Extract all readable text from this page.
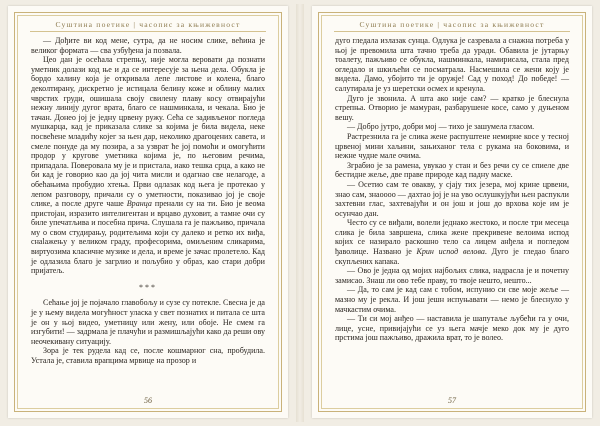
Суштина поетике | часопис за књижевност

— Дођите ви код мене, сутра, да не носим слике, већина је великог формата — сва узбуђена ја позвала.

Цео дан је осећала стрепњу, није могла веровати да познати уметник долази код ње и да се интересује за њена дела. Обукла је бордо халину која је откривала лепе листове и колена, благо деколтирану, дискретно је истицала белину коже и облину малих чврстих груди, ошишала своју свилену плаву косу отвирајући нежну линију дугог врата, благо се нашминкала, и чекала. Био је тачан. Донео јој је једну црвену ружу. Сећа се задивљеног погледа мушкарца, кад је приказала слике за којима је била видела, неке посвећене младићу којег за њен дар, неколико драгоцених савета, и смеле понуде да му позира, а за узврат ће јој помоћи и омогућити продор у кругове уметника којима је, по његовим речима, припадала. Поверовала му је и пристала, иако тешка срца, а како не би кад је говорио као да јој чита мисли и одагнао све нелагоде, а обећањима пробудио хтења. Први одлазак код њега је протекао у лепом разговору, причали су о уметности, показивао јој је своје слике, а после друге чаше Вранца пренали су на ти. Био је веома пристојан, изразито интелигентан и врцаво духовит, а тамне очи су биле упечатљива и посебна причa. Слушала га је пажљиво, причала му о свом студирању, родитељима који су далеко и ретко их виђа, снalажењу у великом граду, професорима, омиљеним сликарима, виртуозима класичне музике и дела, и време је зачас пролетело. Кад је одлазила благо је загрлио и пољубио у образ, као стари добри пријатељ.

***

Сећање јој је појачало главобољу и сузе су потекле. Свесна је да је у њему видела могућност уласка у свет познатих и питала се шта је он у њој видео, уметницу или жену, или обоје. Не смем га изгубити! — задрмала је плачући и размишљајући како да реши ову неочекивану ситуацију.

Зора је тек рудела кад се, после кошмарног сна, пробудила. Устала је, ставила врапцима мрвице на прозор и

56
Суштина поетике | часопис за књижевност

дуго гледала излазак сунца. Одлука је сазревала а снажна потреба у њој је превомила шта тачно треба да уради. Обавила је јутарњу тоалету, пажљиво се обукла, нашминкала, намирисала, стала пред огледало и шкиљећи се посматрала. Насмешила се жени коју је видела. Дамо, убојито ти је оружје! Сад у поход! До победе! — салутирала је уз шеретски осмех и кренула.

Дуго је звонила. А шта ако није сам? — кратко је блеснула стрепња. Отворио је мамуран, разбарушене косе, само у дуњеном вешу.

— Добро јутро, добри мој — тихо је зашумела гласом.

Растрезнила га је слика жене распуштене немирне косе у тесној црвеној мини хаљини, зањиханог тела с рукама на боковима, и нежне чудне мале очима.

Зграбио је за рамена, увукао у стан и без речи су се спиеле две бестидне жеље, две праве природе кад падну маске.

— Осетио сам те овакву, у сјају тих језера, мој крине црвени, знао сам, знаоооо — дахтао јој је на уво ослушкујући њен распукли захтевни глас, захтевајући и он још и још до врхова које им је осунчао дан.

Често су се виђали, волели једнако жестоко, и после три месеца слика је била завршена, слика жене прекривене велоима испод којих се назирало раскошно тело са лицем анђела и погледом ђаволице. Названо је Крин испод велова. Дуго је гледао благо скупљених капака.

— Ово је једна од мојих најбољих слика, надрасла је и почетну замисао. Знаш ли ово тебе праву, то твоје нешто, нешто...

— Да, то сам је кад сам с тобом, испунио си све моје жеље — мазно му је рекла. И још јешн испуњавати — немо је блеснуло у мачкастим очима.

— Ти си мој анђео — наставила је шапутаље љубећи га у очи, лице, усне, привијајући се уз њега мачје меко док му је дуго прстима још пажљиво, дражила врат, то је волео.

57
